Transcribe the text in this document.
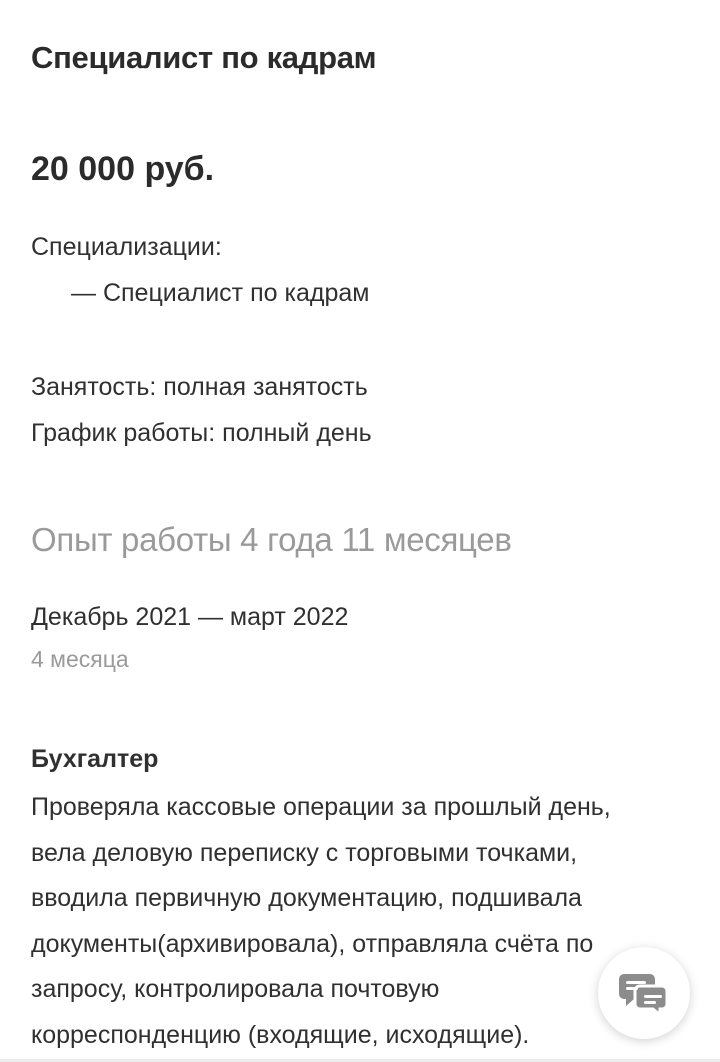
Специалист по кадрам
20 000 руб.
Специализации:
— Специалист по кадрам
Занятость: полная занятость
График работы: полный день
Опыт работы 4 года 11 месяцев
Декабрь 2021 — март 2022
4 месяца
Бухгалтер
Проверяла кассовые операции за прошлый день,
вела деловую переписку с торговыми точками,
вводила первичную документацию, подшивала
документы(архивировала), отправляла счёта по
запросу, контролировала почтовую
корреспонденцию (входящие, исходящие).
